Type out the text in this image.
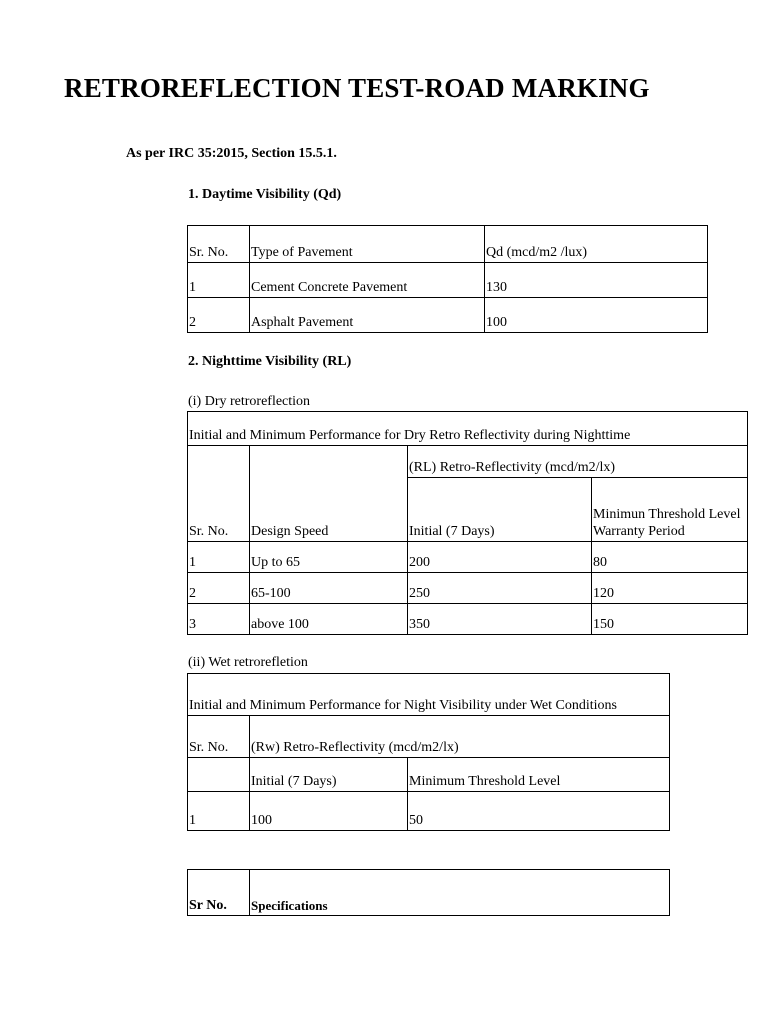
RETROREFLECTION TEST-ROAD MARKING
As per IRC 35:2015, Section 15.5.1.
1. Daytime Visibility (Qd)
Sr. No.	Type of Pavement	Qd (mcd/m2 /lux)
1	Cement Concrete Pavement	130
2	Asphalt Pavement	100
2. Nighttime Visibility (RL)
(i) Dry retroreflection
Initial and Minimum Performance for Dry Retro Reflectivity during Nighttime			
Sr. No.	Design Speed	(RL) Retro-Reflectivity (mcd/m2/lx)	
		Initial (7 Days)	Minimun Threshold Level Warranty Period
1	Up to 65	200	80
2	65-100	250	120
3	above 100	350	150
(ii) Wet retrorefletion
Initial and Minimum Performance for Night Visibility under Wet Conditions		
Sr. No.	(Rw) Retro-Reflectivity (mcd/m2/lx)	
	Initial (7 Days)	Minimum Threshold Level
1	100	50
Sr No.	Specifications
